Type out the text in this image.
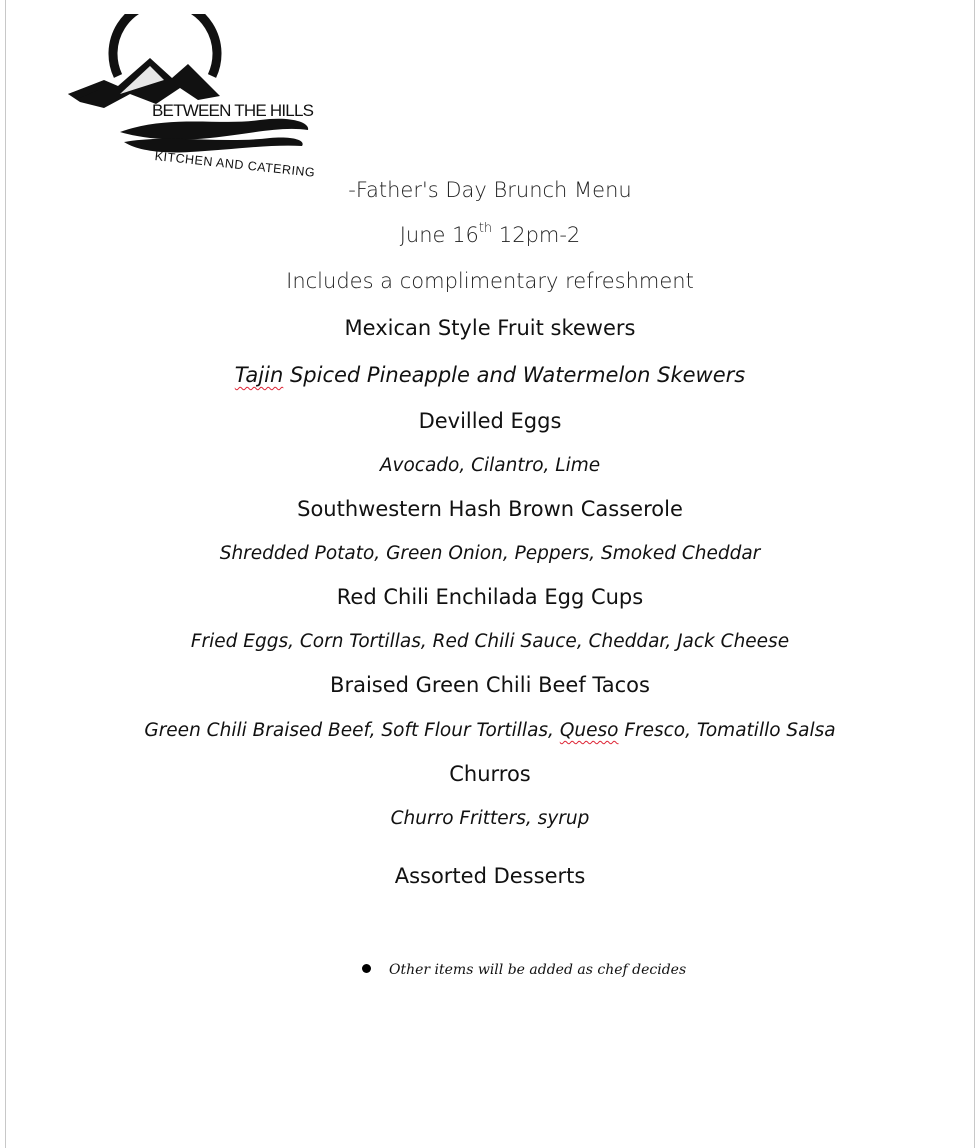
BETWEEN THE HILLS
KITCHEN AND CATERING
-Father's Day Brunch Menu
June 16th 12pm-2
Includes a complimentary refreshment
Mexican Style Fruit skewers
Tajin Spiced Pineapple and Watermelon Skewers
Devilled Eggs
Avocado, Cilantro, Lime
Southwestern Hash Brown Casserole
Shredded Potato, Green Onion, Peppers, Smoked Cheddar
Red Chili Enchilada Egg Cups
Fried Eggs, Corn Tortillas, Red Chili Sauce, Cheddar, Jack Cheese
Braised Green Chili Beef Tacos
Green Chili Braised Beef, Soft Flour Tortillas, Queso Fresco, Tomatillo Salsa
Churros
Churro Fritters, syrup
Assorted Desserts
Other items will be added as chef decides
